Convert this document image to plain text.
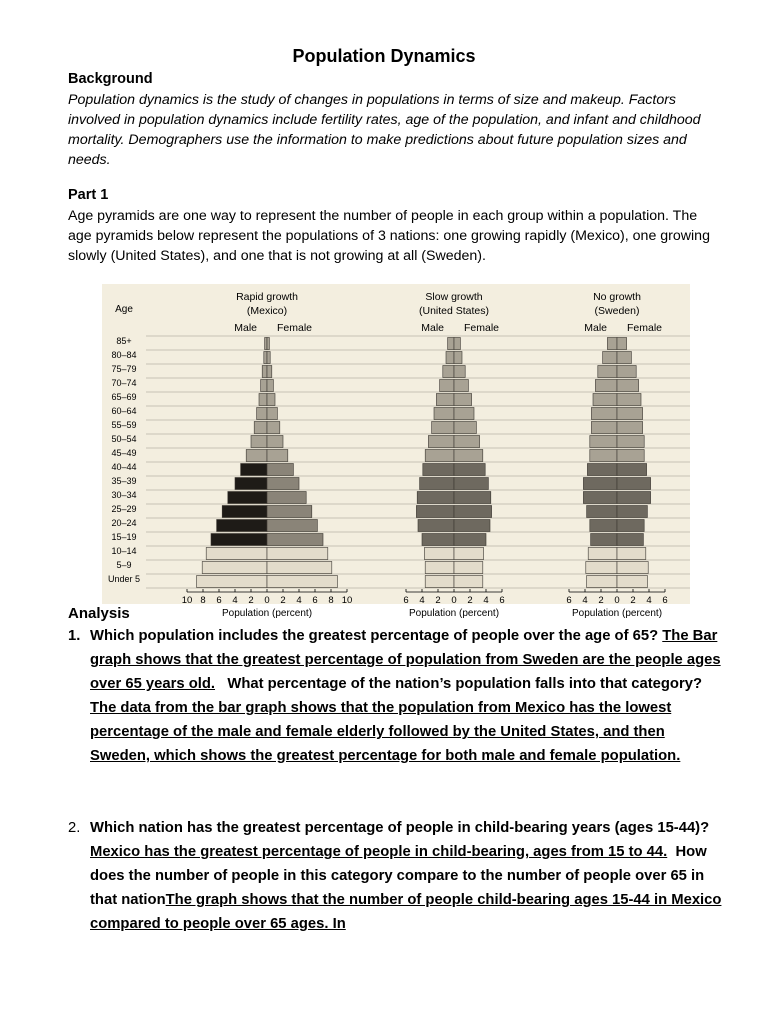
Population Dynamics
Background
Population dynamics is the study of changes in populations in terms of size and makeup. Factors involved in population dynamics include fertility rates, age of the population, and infant and childhood mortality. Demographers use the information to make predictions about future population sizes and needs.
Part 1
Age pyramids are one way to represent the number of people in each group within a population. The age pyramids below represent the populations of 3 nations: one growing rapidly (Mexico), one growing slowly (United States), and one that is not growing at all (Sweden).
Age
85+
80–84
75–79
70–74
65–69
60–64
55–59
50–54
45–49
40–44
35–39
30–34
25–29
20–24
15–19
10–14
5–9
Under 5
Rapid growth
(Mexico)
Male Female
10 8 6 4 2 0 2 4 6 8 10
Population (percent)
Slow growth
(United States)
Male Female
6 4 2 0 2 4 6
Population (percent)
No growth
(Sweden)
Male Female
6 4 2 0 2 4 6
Population (percent)
Analysis
1. Which population includes the greatest percentage of people over the age of 65? The Bar graph shows that the greatest percentage of population from Sweden are the people ages over 65 years old. What percentage of the nation’s population falls into that category? The data from the bar graph shows that the population from Mexico has the lowest percentage of the male and female elderly followed by the United States, and then Sweden, which shows the greatest percentage for both male and female population.
2. Which nation has the greatest percentage of people in child-bearing years (ages 15-44)? Mexico has the greatest percentage of people in child-bearing, ages from 15 to 44. How does the number of people in this category compare to the number of people over 65 in that nationThe graph shows that the number of people child-bearing ages 15-44 in Mexico compared to people over 65 ages. In
